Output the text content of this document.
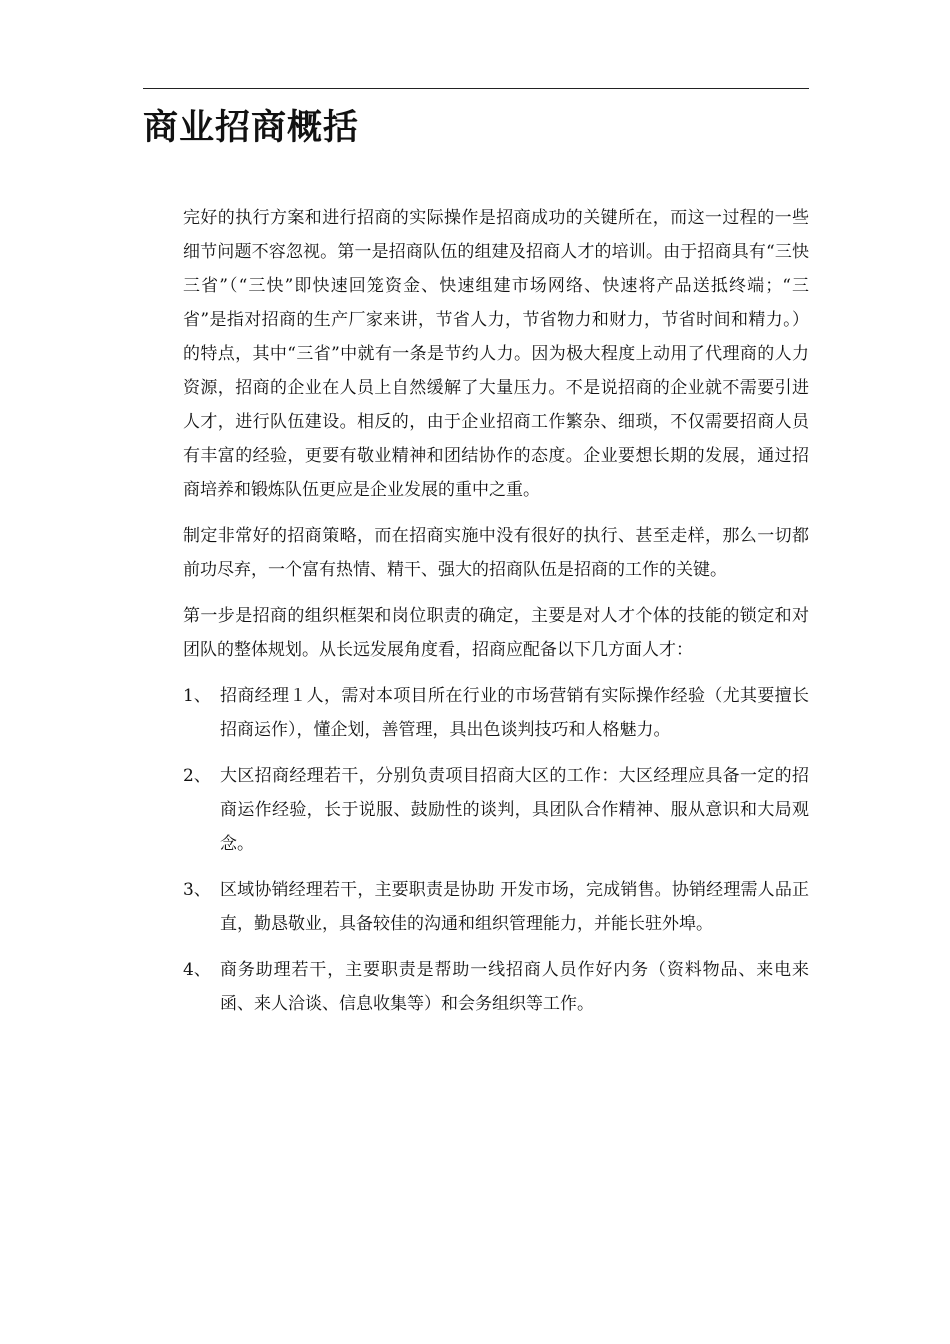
商业招商概括

完好的执行方案和进行招商的实际操作是招商成功的关键所在，而这一过程的一些细节问题不容忽视。第一是招商队伍的组建及招商人才的培训。由于招商具有“三快三省”（“三快”即快速回笼资金、快速组建市场网络、快速将产品送抵终端；“三省”是指对招商的生产厂家来讲，节省人力，节省物力和财力，节省时间和精力。）的特点，其中“三省”中就有一条是节约人力。因为极大程度上动用了代理商的人力资源，招商的企业在人员上自然缓解了大量压力。不是说招商的企业就不需要引进人才，进行队伍建设。相反的，由于企业招商工作繁杂、细琐，不仅需要招商人员有丰富的经验，更要有敬业精神和团结协作的态度。企业要想长期的发展，通过招商培养和锻炼队伍更应是企业发展的重中之重。

制定非常好的招商策略，而在招商实施中没有很好的执行、甚至走样，那么一切都前功尽弃，一个富有热情、精干、强大的招商队伍是招商的工作的关键。

第一步是招商的组织框架和岗位职责的确定，主要是对人才个体的技能的锁定和对团队的整体规划。从长远发展角度看，招商应配备以下几方面人才：

1、 招商经理１人，需对本项目所在行业的市场营销有实际操作经验（尤其要擅长招商运作），懂企划，善管理，具出色谈判技巧和人格魅力。
2、 大区招商经理若干，分别负责项目招商大区的工作：大区经理应具备一定的招商运作经验，长于说服、鼓励性的谈判，具团队合作精神、服从意识和大局观念。
3、 区域协销经理若干，主要职责是协助 开发市场，完成销售。协销经理需人品正直，勤恳敬业，具备较佳的沟通和组织管理能力，并能长驻外埠。
4、 商务助理若干，主要职责是帮助一线招商人员作好内务（资料物品、来电来函、来人洽谈、信息收集等）和会务组织等工作。
